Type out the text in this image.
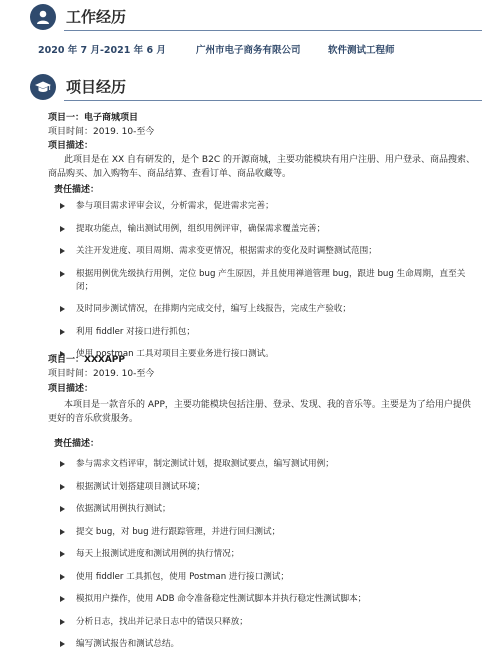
工作经历
2020 年 7 月-2021 年 6 月	广州市电子商务有限公司	软件测试工程师
项目经历
项目一：电子商城项目
项目时间：2019. 10-至今
项目描述：
此项目是在 XX 自有研发的，是个 B2C 的开源商城，主要功能模块有用户注册、用户登录、商品搜索、商品购买、加入购物车、商品结算、查看订单、商品收藏等。
责任描述：
参与项目需求评审会议，分析需求，促进需求完善；
提取功能点，输出测试用例，组织用例评审，确保需求覆盖完善；
关注开发进度、项目周期、需求变更情况，根据需求的变化及时调整测试范围；
根据用例优先级执行用例，定位 bug 产生原因，并且使用禅道管理 bug，跟进 bug 生命周期，直至关闭；
及时同步测试情况，在排期内完成交付，编写上线报告，完成生产验收；
利用 fiddler 对接口进行抓包；
使用 postman 工具对项目主要业务进行接口测试。
项目一：XXXAPP
项目时间：2019. 10-至今
项目描述：
本项目是一款音乐的 APP，主要功能模块包括注册、登录、发现、我的音乐等。主要是为了给用户提供更好的音乐欣赏服务。
责任描述：
参与需求文档评审，制定测试计划，提取测试要点，编写测试用例；
根据测试计划搭建项目测试环境；
依据测试用例执行测试；
提交 bug，对 bug 进行跟踪管理，并进行回归测试；
每天上报测试进度和测试用例的执行情况；
使用 fiddler 工具抓包，使用 Postman 进行接口测试；
模拟用户操作，使用 ADB 命令准备稳定性测试脚本并执行稳定性测试脚本；
分析日志，找出并记录日志中的错误只释放；
编写测试报告和测试总结。
